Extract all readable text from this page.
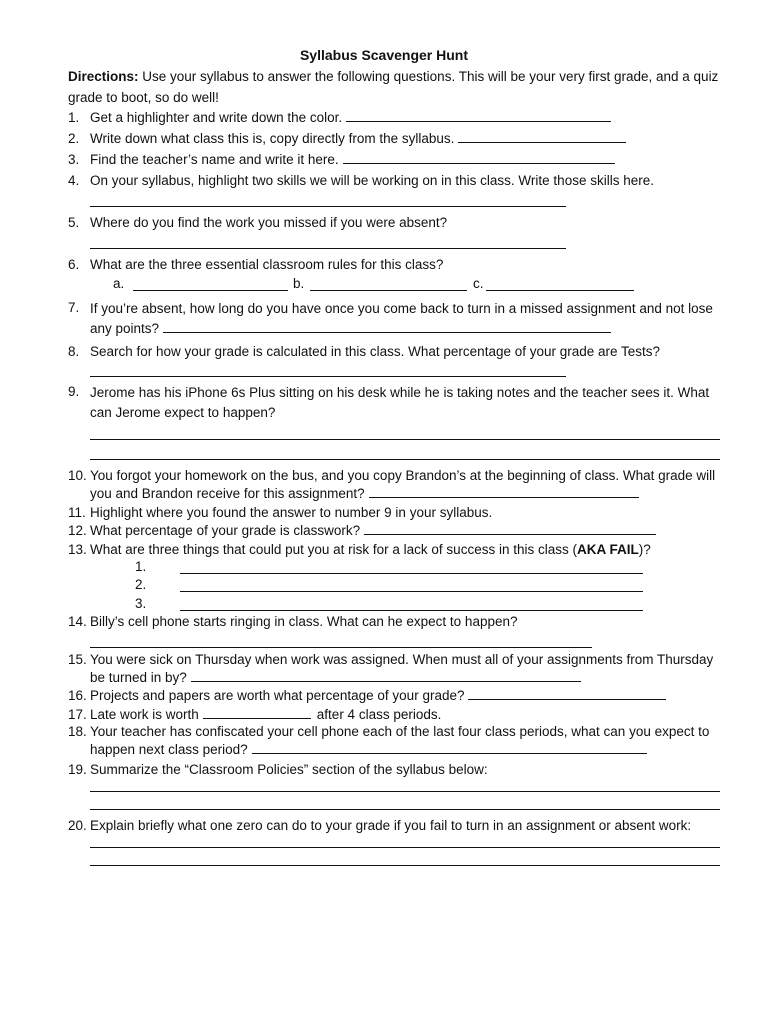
Syllabus Scavenger Hunt
Directions: Use your syllabus to answer the following questions. This will be your very first grade, and a quiz grade to boot, so do well!
1. Get a highlighter and write down the color.
2. Write down what class this is, copy directly from the syllabus.
3. Find the teacher’s name and write it here.
4. On your syllabus, highlight two skills we will be working on in this class. Write those skills here.
5. Where do you find the work you missed if you were absent?
6. What are the three essential classroom rules for this class?
a.	b.	c.
7. If you’re absent, how long do you have once you come back to turn in a missed assignment and not lose any points?
8. Search for how your grade is calculated in this class. What percentage of your grade are Tests?
9. Jerome has his iPhone 6s Plus sitting on his desk while he is taking notes and the teacher sees it. What can Jerome expect to happen?
10. You forgot your homework on the bus, and you copy Brandon’s at the beginning of class. What grade will you and Brandon receive for this assignment?
11. Highlight where you found the answer to number 9 in your syllabus.
12. What percentage of your grade is classwork?
13. What are three things that could put you at risk for a lack of success in this class (AKA FAIL)?
1.
2.
3.
14. Billy’s cell phone starts ringing in class. What can he expect to happen?
15. You were sick on Thursday when work was assigned. When must all of your assignments from Thursday be turned in by?
16. Projects and papers are worth what percentage of your grade?
17. Late work is worth	after 4 class periods.
18. Your teacher has confiscated your cell phone each of the last four class periods, what can you expect to happen next class period?
19. Summarize the “Classroom Policies” section of the syllabus below:
20. Explain briefly what one zero can do to your grade if you fail to turn in an assignment or absent work:
